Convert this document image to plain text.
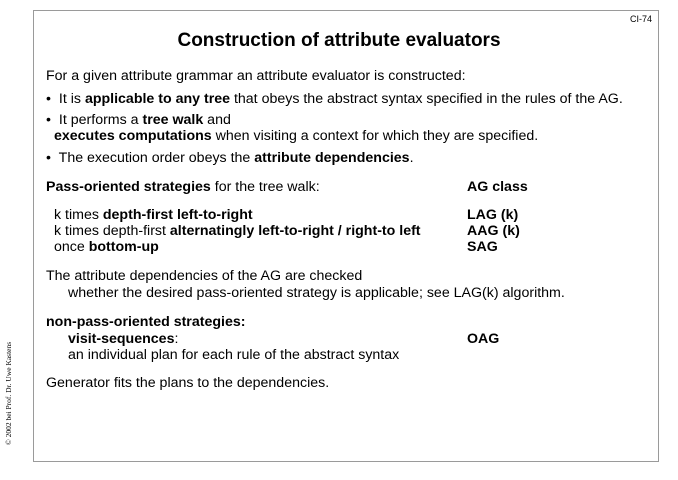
CI-74
Construction of attribute evaluators
© 2002 bei Prof. Dr. Uwe Kastens
For a given attribute grammar an attribute evaluator is constructed:
• It is applicable to any tree that obeys the abstract syntax specified in the rules of the AG.
• It performs a tree walk and
executes computations when visiting a context for which they are specified.
• The execution order obeys the attribute dependencies.
Pass-oriented strategies for the tree walk:	AG class
k times depth-first left-to-right	LAG (k)
k times depth-first alternatingly left-to-right / right-to left	AAG (k)
once bottom-up	SAG
The attribute dependencies of the AG are checked
whether the desired pass-oriented strategy is applicable; see LAG(k) algorithm.
non-pass-oriented strategies:
visit-sequences:	OAG
an individual plan for each rule of the abstract syntax
Generator fits the plans to the dependencies.
